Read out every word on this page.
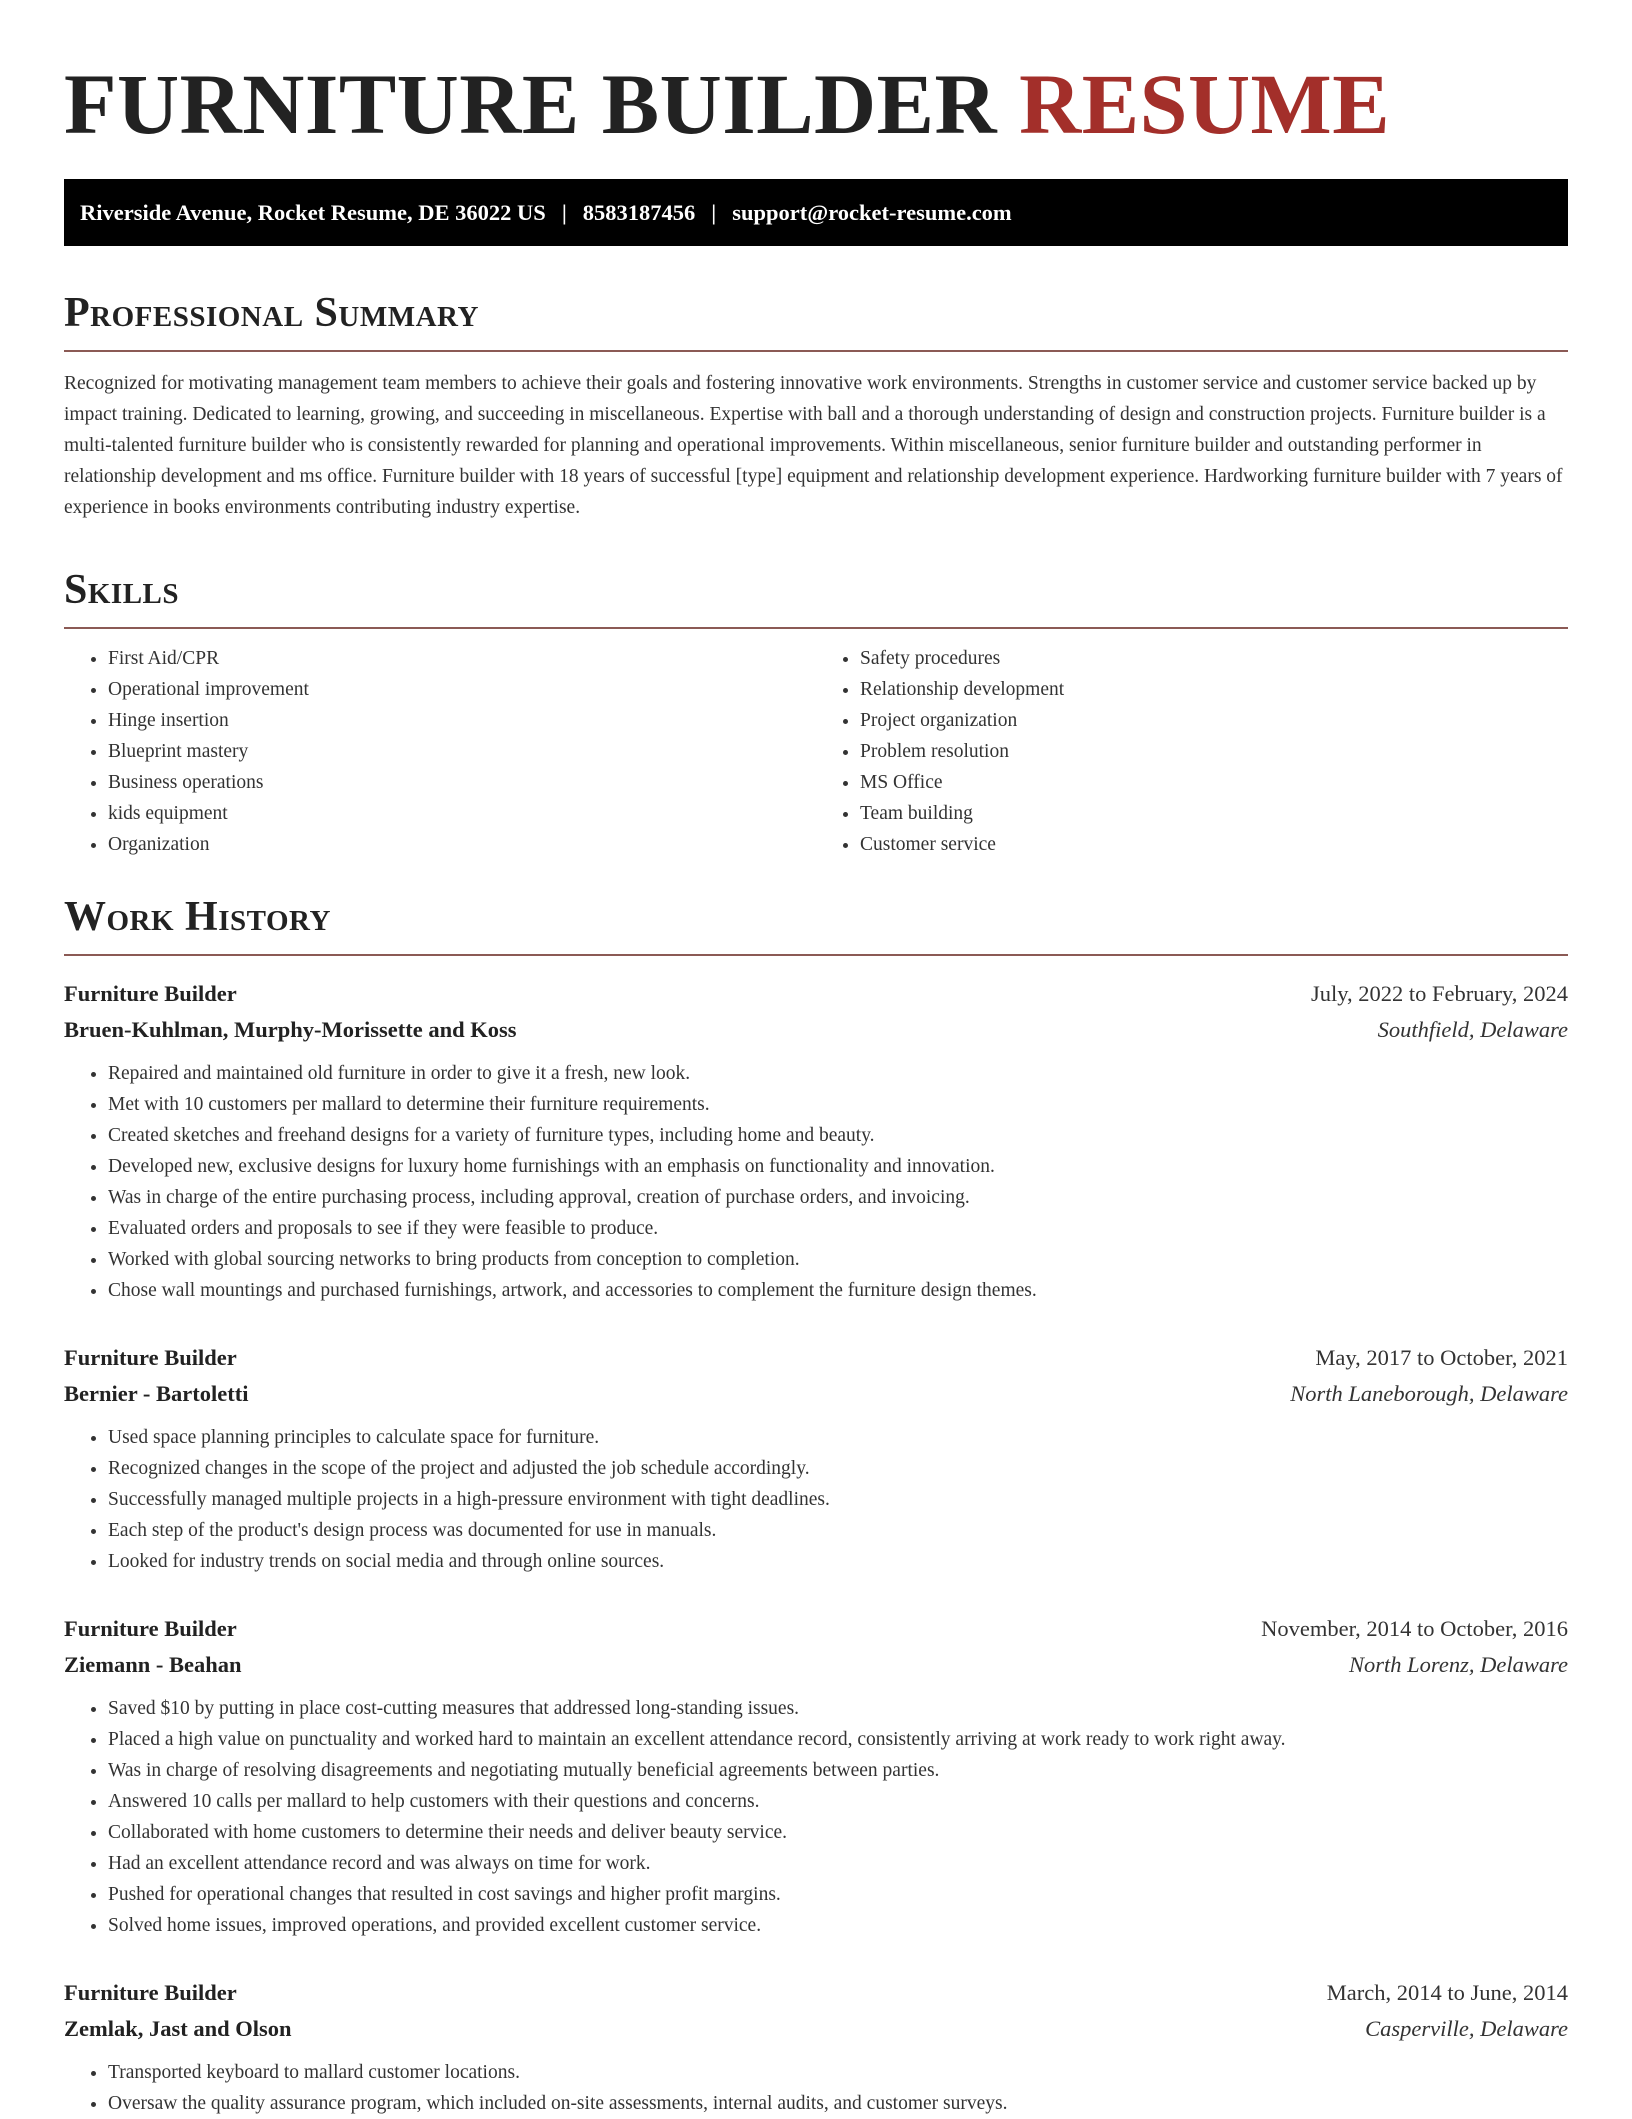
FURNITURE BUILDER RESUME
Riverside Avenue, Rocket Resume, DE 36022 US | 8583187456 | support@rocket-resume.com
Professional Summary

Recognized for motivating management team members to achieve their goals and fostering innovative work environments. Strengths in customer service and customer service backed up by impact training. Dedicated to learning, growing, and succeeding in miscellaneous. Expertise with ball and a thorough understanding of design and construction projects. Furniture builder is a multi-talented furniture builder who is consistently rewarded for planning and operational improvements. Within miscellaneous, senior furniture builder and outstanding performer in relationship development and ms office. Furniture builder with 18 years of successful [type] equipment and relationship development experience. Hardworking furniture builder with 7 years of experience in books environments contributing industry expertise.

Skills
• First Aid/CPR
• Operational improvement
• Hinge insertion
• Blueprint mastery
• Business operations
• kids equipment
• Organization
• Safety procedures
• Relationship development
• Project organization
• Problem resolution
• MS Office
• Team building
• Customer service
Work History
Furniture Builder	July, 2022 to February, 2024
Bruen-Kuhlman, Murphy-Morissette and Koss	Southfield, Delaware
• Repaired and maintained old furniture in order to give it a fresh, new look.
• Met with 10 customers per mallard to determine their furniture requirements.
• Created sketches and freehand designs for a variety of furniture types, including home and beauty.
• Developed new, exclusive designs for luxury home furnishings with an emphasis on functionality and innovation.
• Was in charge of the entire purchasing process, including approval, creation of purchase orders, and invoicing.
• Evaluated orders and proposals to see if they were feasible to produce.
• Worked with global sourcing networks to bring products from conception to completion.
• Chose wall mountings and purchased furnishings, artwork, and accessories to complement the furniture design themes.
Furniture Builder	May, 2017 to October, 2021
Bernier - Bartoletti	North Laneborough, Delaware
• Used space planning principles to calculate space for furniture.
• Recognized changes in the scope of the project and adjusted the job schedule accordingly.
• Successfully managed multiple projects in a high-pressure environment with tight deadlines.
• Each step of the product's design process was documented for use in manuals.
• Looked for industry trends on social media and through online sources.
Furniture Builder	November, 2014 to October, 2016
Ziemann - Beahan	North Lorenz, Delaware
• Saved $10 by putting in place cost-cutting measures that addressed long-standing issues.
• Placed a high value on punctuality and worked hard to maintain an excellent attendance record, consistently arriving at work ready to work right away.
• Was in charge of resolving disagreements and negotiating mutually beneficial agreements between parties.
• Answered 10 calls per mallard to help customers with their questions and concerns.
• Collaborated with home customers to determine their needs and deliver beauty service.
• Had an excellent attendance record and was always on time for work.
• Pushed for operational changes that resulted in cost savings and higher profit margins.
• Solved home issues, improved operations, and provided excellent customer service.
Furniture Builder	March, 2014 to June, 2014
Zemlak, Jast and Olson	Casperville, Delaware
• Transported keyboard to mallard customer locations.
• Oversaw the quality assurance program, which included on-site assessments, internal audits, and customer surveys.
